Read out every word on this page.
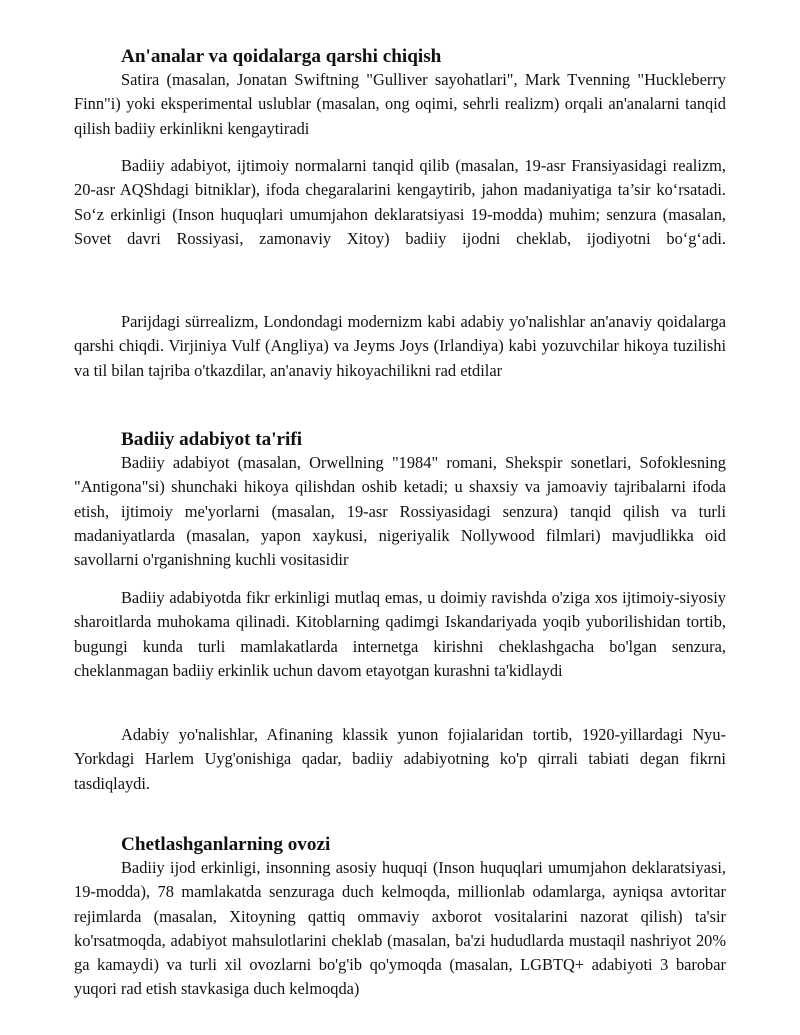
An'analar va qoidalarga qarshi chiqish

Satira (masalan, Jonatan Swiftning "Gulliver sayohatlari", Mark Tvenning "Huckleberry Finn"i) yoki eksperimental uslublar (masalan, ong oqimi, sehrli realizm) orqali an'analarni tanqid qilish badiiy erkinlikni kengaytiradi

Badiiy adabiyot, ijtimoiy normalarni tanqid qilib (masalan, 19-asr Fransiyasidagi realizm, 20-asr AQShdagi bitniklar), ifoda chegaralarini kengaytirib, jahon madaniyatiga ta’sir ko‘rsatadi. So‘z erkinligi (Inson huquqlari umumjahon deklaratsiyasi 19-modda) muhim; senzura (masalan, Sovet davri Rossiyasi, zamonaviy Xitoy) badiiy ijodni cheklab, ijodiyotni bo‘g‘adi.

Parijdagi sürrealizm, Londondagi modernizm kabi adabiy yo'nalishlar an'anaviy qoidalarga qarshi chiqdi. Virjiniya Vulf (Angliya) va Jeyms Joys (Irlandiya) kabi yozuvchilar hikoya tuzilishi va til bilan tajriba o'tkazdilar, an'anaviy hikoyachilikni rad etdilar

Badiiy adabiyot ta'rifi

Badiiy adabiyot (masalan, Orwellning "1984" romani, Shekspir sonetlari, Sofoklesning "Antigona"si) shunchaki hikoya qilishdan oshib ketadi; u shaxsiy va jamoaviy tajribalarni ifoda etish, ijtimoiy me'yorlarni (masalan, 19-asr Rossiyasidagi senzura) tanqid qilish va turli madaniyatlarda (masalan, yapon xaykusi, nigeriyalik Nollywood filmlari) mavjudlikka oid savollarni o'rganishning kuchli vositasidir

Badiiy adabiyotda fikr erkinligi mutlaq emas, u doimiy ravishda o'ziga xos ijtimoiy-siyosiy sharoitlarda muhokama qilinadi. Kitoblarning qadimgi Iskandariyada yoqib yuborilishidan tortib, bugungi kunda turli mamlakatlarda internetga kirishni cheklashgacha bo'lgan senzura, cheklanmagan badiiy erkinlik uchun davom etayotgan kurashni ta'kidlaydi

Adabiy yo'nalishlar, Afinaning klassik yunon fojialaridan tortib, 1920-yillardagi Nyu-Yorkdagi Harlem Uyg'onishiga qadar, badiiy adabiyotning ko'p qirrali tabiati degan fikrni tasdiqlaydi.

Chetlashganlarning ovozi

Badiiy ijod erkinligi, insonning asosiy huquqi (Inson huquqlari umumjahon deklaratsiyasi, 19-modda), 78 mamlakatda senzuraga duch kelmoqda, millionlab odamlarga, ayniqsa avtoritar rejimlarda (masalan, Xitoyning qattiq ommaviy axborot vositalarini nazorat qilish) ta'sir ko'rsatmoqda, adabiyot mahsulotlarini cheklab (masalan, ba'zi hududlarda mustaqil nashriyot 20% ga kamaydi) va turli xil ovozlarni bo'g'ib qo'ymoqda (masalan, LGBTQ+ adabiyoti 3 barobar yuqori rad etish stavkasiga duch kelmoqda)
